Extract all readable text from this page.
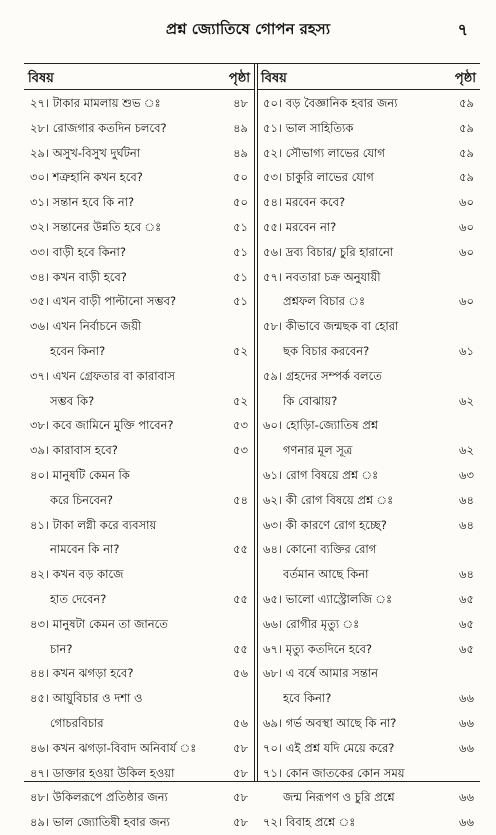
প্রশ্ন জ্যোতিষে গোপন রহস্য	৭
বিষয়	পৃষ্ঠা
২৭। টাকার মামলায় শুভ ঃ	৪৮
২৮। রোজগার কতদিন চলবে?	৪৯
২৯। অসুখ-বিসুখ দুর্ঘটনা	৪৯
৩০। শত্রুহানি কখন হবে?	৫০
৩১। সন্তান হবে কি না?	৫০
৩২। সন্তানের উন্নতি হবে ঃ	৫১
৩৩। বাড়ী হবে কিনা?	৫১
৩৪। কখন বাড়ী হবে?	৫১
৩৫। এখন বাড়ী পাল্টানো সম্ভব?	৫১
৩৬। এখন নির্বাচনে জয়ী
হবেন কিনা?	৫২
৩৭। এখন গ্রেফতার বা কারাবাস
সম্ভব কি?	৫২
৩৮। কবে জামিনে মুক্তি পাবেন?	৫৩
৩৯। কারাবাস হবে?	৫৩
৪০। মানুষটি কেমন কি
করে চিনবেন?	৫৪
৪১। টাকা লগ্নী করে ব্যবসায়
নামবেন কি না?	৫৫
৪২। কখন বড় কাজে
হাত দেবেন?	৫৫
৪৩। মানুষটা কেমন তা জানতে
চান?	৫৫
৪৪। কখন ঝগড়া হবে?	৫৬
৪৫। আয়ুবিচার ও দশা ও
গোচরবিচার	৫৬
৪৬। কখন ঝগড়া-বিবাদ অনিবার্য ঃ	৫৮
৪৭। ডাক্তার হওয়া উকিল হওয়া	৫৮
৪৮। উকিলরূপে প্রতিষ্ঠার জন্য	৫৮
৪৯। ভাল জ্যোতিষী হবার জন্য	৫৮
বিষয়	পৃষ্ঠা
৫০। বড় বৈজ্ঞানিক হবার জন্য	৫৯
৫১। ভাল সাহিত্যিক	৫৯
৫২। সৌভাগ্য লাভের যোগ	৫৯
৫৩। চাকুরি লাভের যোগ	৫৯
৫৪। মরবেন কবে?	৬০
৫৫। মরবেন না?	৬০
৫৬। দ্রব্য বিচার/ চুরি হারানো	৬০
৫৭। নবতারা চক্র অনুযায়ী
প্রশ্নফল বিচার ঃ	৬০
৫৮। কীভাবে জন্মছক বা হোরা
ছক বিচার করবেন?	৬১
৫৯। গ্রহদের সম্পর্ক বলতে
কি বোঝায়?	৬২
৬০। হোড়াি-জ্যোতিষ প্রশ্ন
গণনার মূল সূত্র	৬২
৬১। রোগ বিষয়ে প্রশ্ন ঃ	৬৩
৬২। কী রোগ বিষয়ে প্রশ্ন ঃ	৬৪
৬৩। কী কারণে রোগ হচ্ছে?	৬৪
৬৪। কোনো ব্যক্তির রোগ
বর্তমান আছে কিনা	৬৪
৬৫। ভালো এ্যাস্ট্রোলজি ঃ	৬৫
৬৬। রোগীর মৃত্যু ঃ	৬৫
৬৭। মৃত্যু কতদিনে হবে?	৬৫
৬৮। এ বর্ষে আমার সন্তান
হবে কিনা?	৬৬
৬৯। গর্ভ অবস্থা আছে কি না?	৬৬
৭০। এই প্রশ্ন যদি মেয়ে করে?	৬৬
৭১। কোন জাতকের কোন সময়
জন্ম নিরূপণ ও চুরি প্রশ্নে	৬৬
৭২। বিবাহ প্রশ্নে ঃ	৬৬
